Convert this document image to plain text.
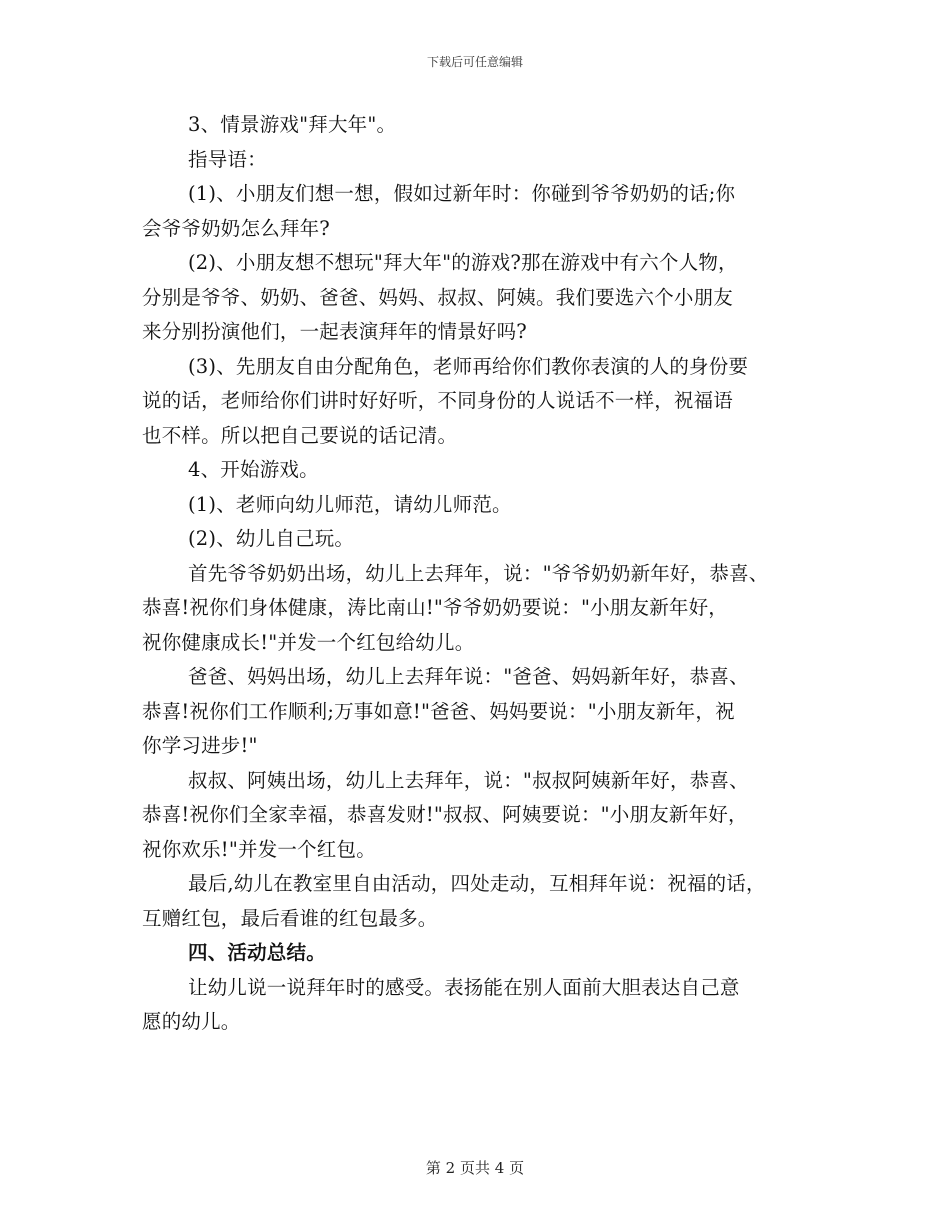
下载后可任意编辑
3、情景游戏"拜大年"。
指导语：
(1)、小朋友们想一想，假如过新年时：你碰到爷爷奶奶的话;你
会爷爷奶奶怎么拜年?
(2)、小朋友想不想玩"拜大年"的游戏?那在游戏中有六个人物，
分别是爷爷、奶奶、爸爸、妈妈、叔叔、阿姨。我们要选六个小朋友
来分别扮演他们，一起表演拜年的情景好吗?
(3)、先朋友自由分配角色，老师再给你们教你表演的人的身份要
说的话，老师给你们讲时好好听，不同身份的人说话不一样，祝福语
也不样。所以把自己要说的话记清。
4、开始游戏。
(1)、老师向幼儿师范，请幼儿师范。
(2)、幼儿自己玩。
首先爷爷奶奶出场，幼儿上去拜年，说："爷爷奶奶新年好，恭喜、
恭喜!祝你们身体健康，涛比南山!"爷爷奶奶要说："小朋友新年好，
祝你健康成长!"并发一个红包给幼儿。
爸爸、妈妈出场，幼儿上去拜年说："爸爸、妈妈新年好，恭喜、
恭喜!祝你们工作顺利;万事如意!"爸爸、妈妈要说："小朋友新年，祝
你学习进步!"
叔叔、阿姨出场，幼儿上去拜年，说："叔叔阿姨新年好，恭喜、
恭喜!祝你们全家幸福，恭喜发财!"叔叔、阿姨要说："小朋友新年好，
祝你欢乐!"并发一个红包。
最后,幼儿在教室里自由活动，四处走动，互相拜年说：祝福的话，
互赠红包，最后看谁的红包最多。
四、活动总结。
让幼儿说一说拜年时的感受。表扬能在别人面前大胆表达自己意
愿的幼儿。
第 2 页共 4 页
